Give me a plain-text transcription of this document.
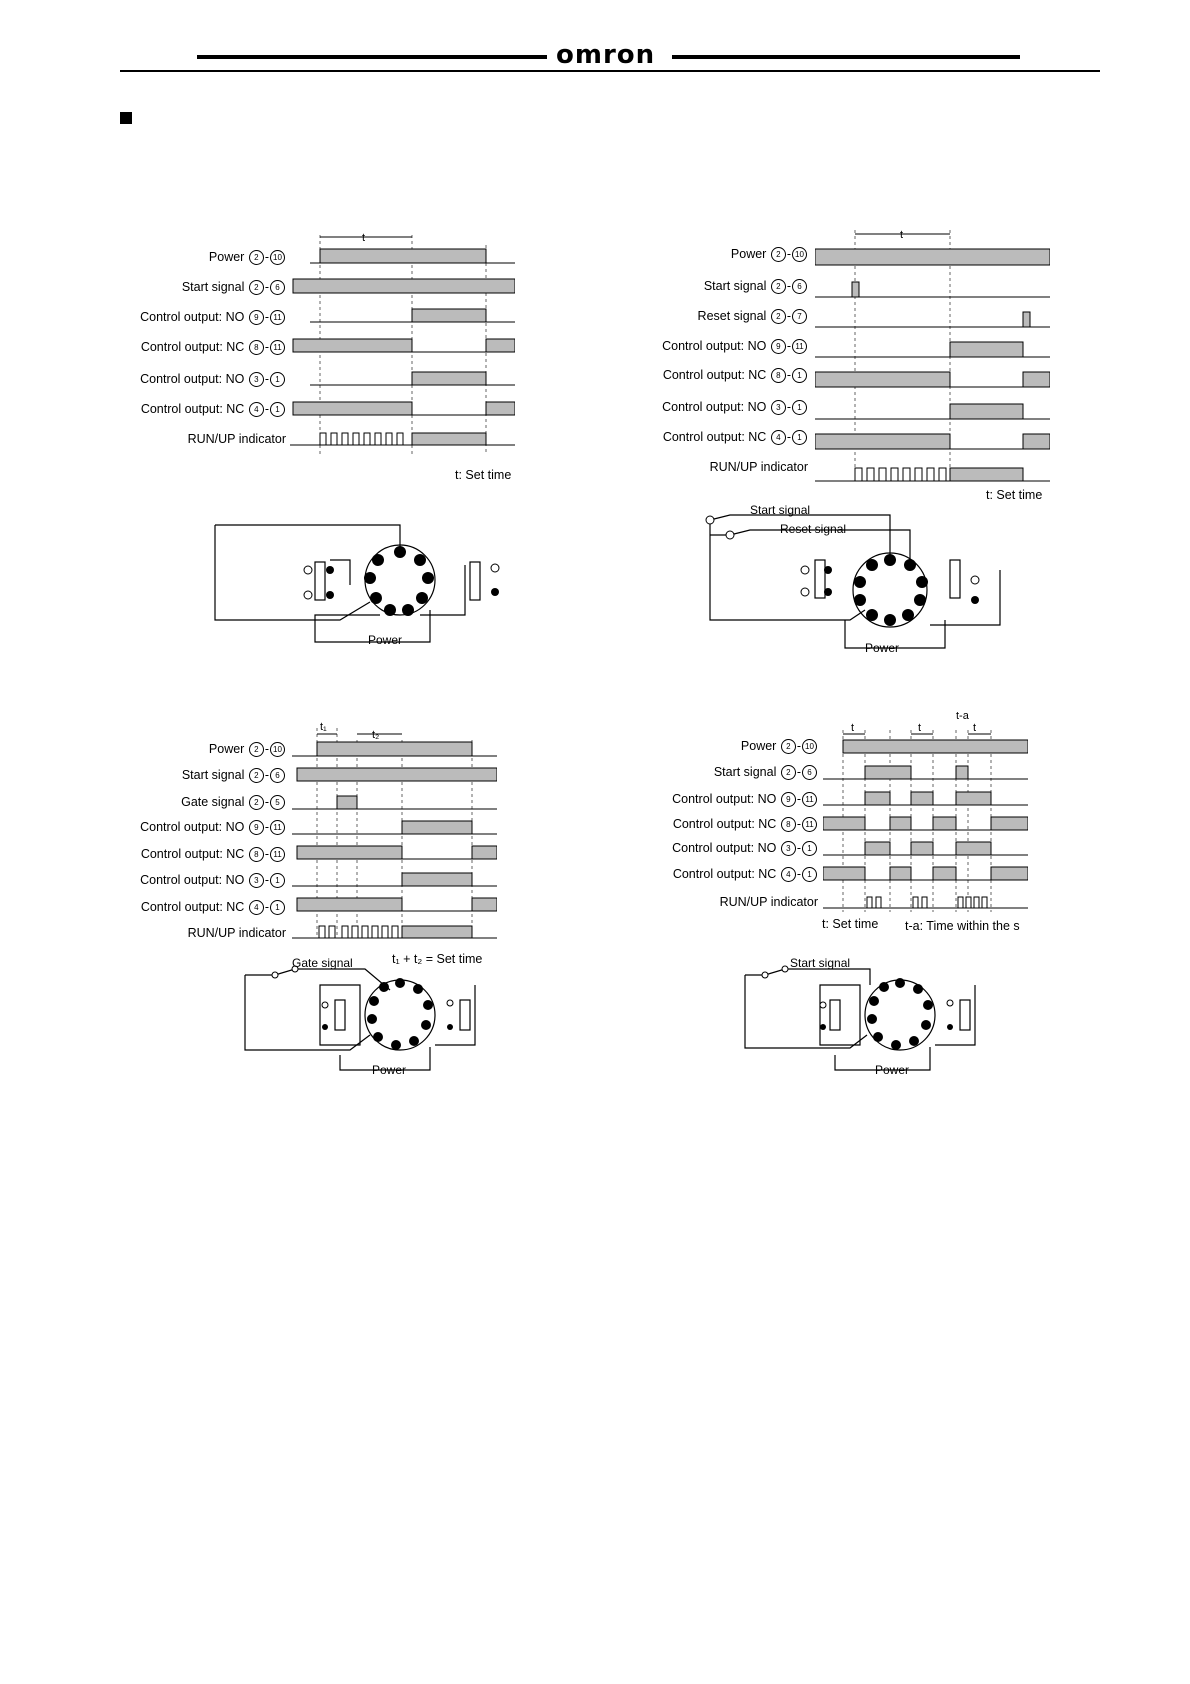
omron
Power 2 - 10
Start signal 2 - 6
Control output: NO 9 - 11
Control output: NC 8 - 11
Control output: NO 3 - 1
Control output: NC 4 - 1
RUN/UP indicator
t
t: Set time
Power
Power 2 - 10
Start signal 2 - 6
Reset signal 2 - 7
Control output: NO 9 - 11
Control output: NC 8 - 1
Control output: NO 3 - 1
Control output: NC 4 - 1
RUN/UP indicator
t
t: Set time
Start signal
Reset signal
Power
Power 2 - 10
Start signal 2 - 6
Gate signal 2 - 5
Control output: NO 9 - 11
Control output: NC 8 - 11
Control output: NO 3 - 1
Control output: NC 4 - 1
RUN/UP indicator
t₁
t₂
t₁ + t₂ = Set time
Gate signal
Power
Power 2 - 10
Start signal 2 - 6
Control output: NO 9 - 11
Control output: NC 8 - 11
Control output: NO 3 - 1
Control output: NC 4 - 1
RUN/UP indicator
t	t	t
t-a
t: Set time t-a: Time within the s
Start signal
Power
